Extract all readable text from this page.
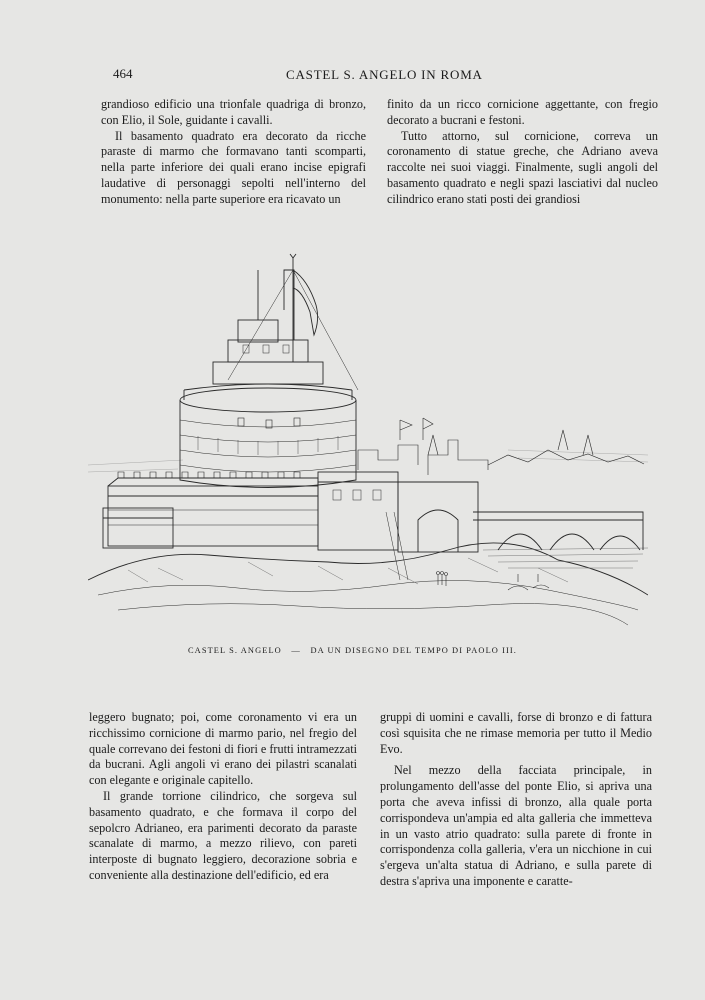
464	CASTEL S. ANGELO IN ROMA

grandioso edificio una trionfale quadriga di bronzo, con Elio, il Sole, guidante i cavalli.

Il basamento quadrato era decorato da ricche paraste di marmo che formavano tanti scomparti, nella parte inferiore dei quali erano incise epigrafi laudative di personaggi sepolti nell'interno del monumento: nella parte superiore era ricavato un

finito da un ricco cornicione aggettante, con fregio decorato a bucrani e festoni.

Tutto attorno, sul cornicione, correva un coronamento di statue greche, che Adriano aveva raccolte nei suoi viaggi. Finalmente, sugli angoli del basamento quadrato e negli spazi lasciativi dal nucleo cilindrico erano stati posti dei grandiosi

CASTEL S. ANGELO — DA UN DISEGNO DEL TEMPO DI PAOLO III.

leggero bugnato; poi, come coronamento vi era un ricchissimo cornicione di marmo pario, nel fregio del quale correvano dei festoni di fiori e frutti intramezzati da bucrani. Agli angoli vi erano dei pilastri scanalati con elegante e originale capitello.

Il grande torrione cilindrico, che sorgeva sul basamento quadrato, e che formava il corpo del sepolcro Adrianeo, era parimenti decorato da paraste scanalate di marmo, a mezzo rilievo, con pareti interposte di bugnato leggiero, decorazione sobria e conveniente alla destinazione dell'edificio, ed era

gruppi di uomini e cavalli, forse di bronzo e di fattura così squisita che ne rimase memoria per tutto il Medio Evo.

Nel mezzo della facciata principale, in prolungamento dell'asse del ponte Elio, si apriva una porta che aveva infissi di bronzo, alla quale porta corrispondeva un'ampia ed alta galleria che immetteva in un vasto atrio quadrato: sulla parete di fronte in corrispondenza colla galleria, v'era un nicchione in cui s'ergeva un'alta statua di Adriano, e sulla parete di destra s'apriva una imponente e caratte-
